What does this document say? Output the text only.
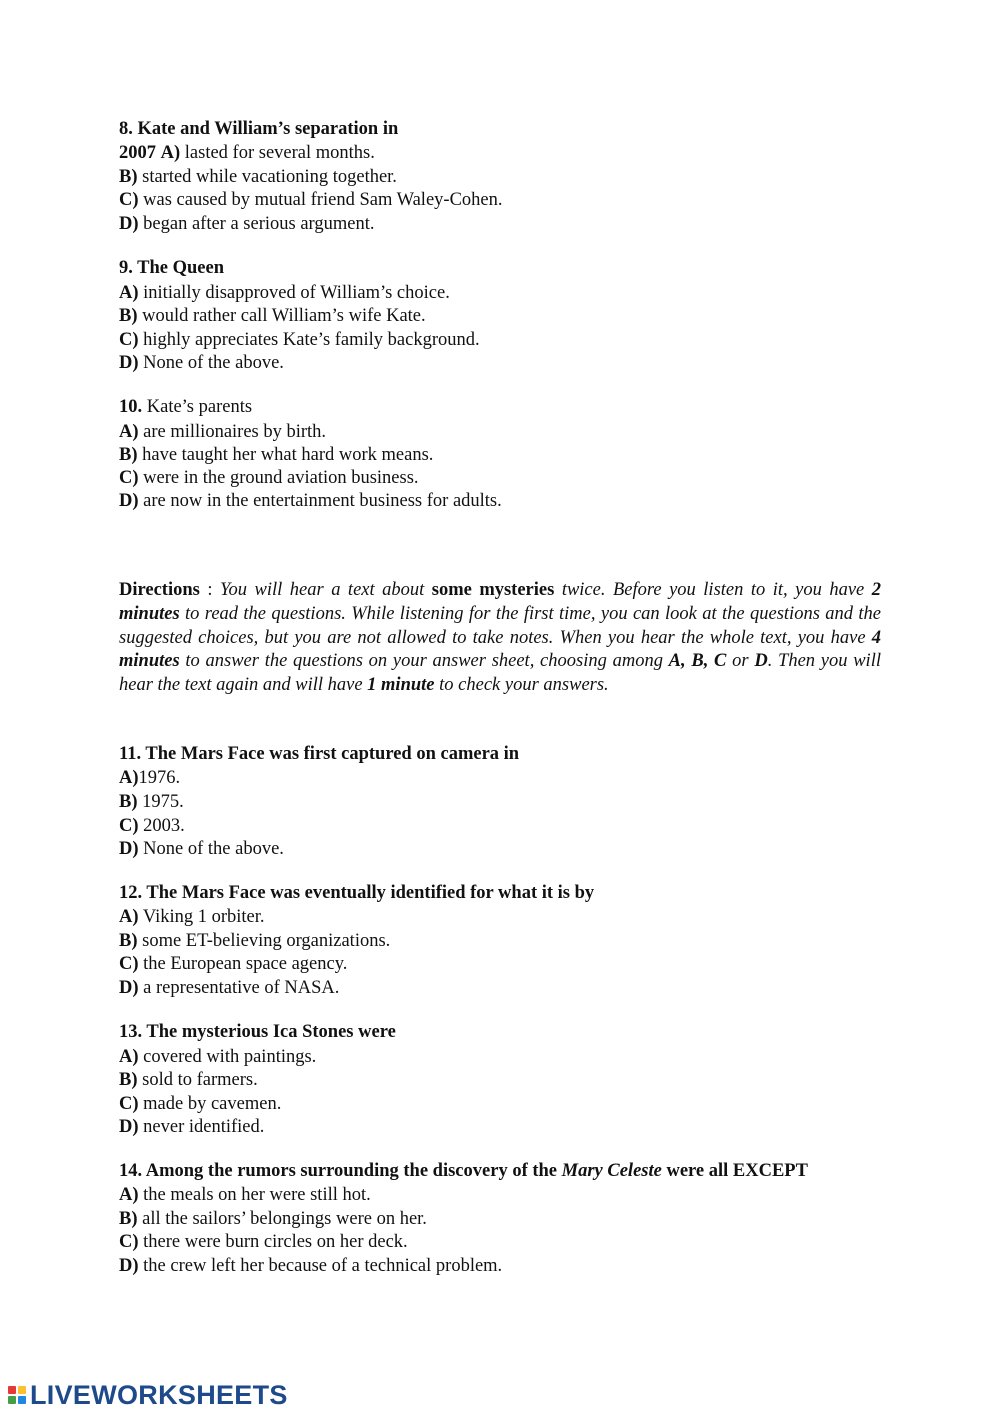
8. Kate and William’s separation in
2007 A) lasted for several months.
B) started while vacationing together.
C) was caused by mutual friend Sam Waley-Cohen.
D) began after a serious argument.
9. The Queen
A) initially disapproved of William’s choice.
B) would rather call William’s wife Kate.
C) highly appreciates Kate’s family background.
D) None of the above.
10. Kate’s parents
A) are millionaires by birth.
B) have taught her what hard work means.
C) were in the ground aviation business.
D) are now in the entertainment business for adults.
Directions : You will hear a text about some mysteries twice. Before you listen to it, you have 2 minutes to read the questions. While listening for the first time, you can look at the questions and the suggested choices, but you are not allowed to take notes. When you hear the whole text, you have 4 minutes to answer the questions on your answer sheet, choosing among A, B, C or D. Then you will hear the text again and will have 1 minute to check your answers.
11. The Mars Face was first captured on camera in
A)1976.
B) 1975.
C) 2003.
D) None of the above.
12. The Mars Face was eventually identified for what it is by
A) Viking 1 orbiter.
B) some ET-believing organizations.
C) the European space agency.
D) a representative of NASA.
13. The mysterious Ica Stones were
A) covered with paintings.
B) sold to farmers.
C) made by cavemen.
D) never identified.
14. Among the rumors surrounding the discovery of the Mary Celeste were all EXCEPT
A) the meals on her were still hot.
B) all the sailors’ belongings were on her.
C) there were burn circles on her deck.
D) the crew left her because of a technical problem.
LIVEWORKSHEETS
